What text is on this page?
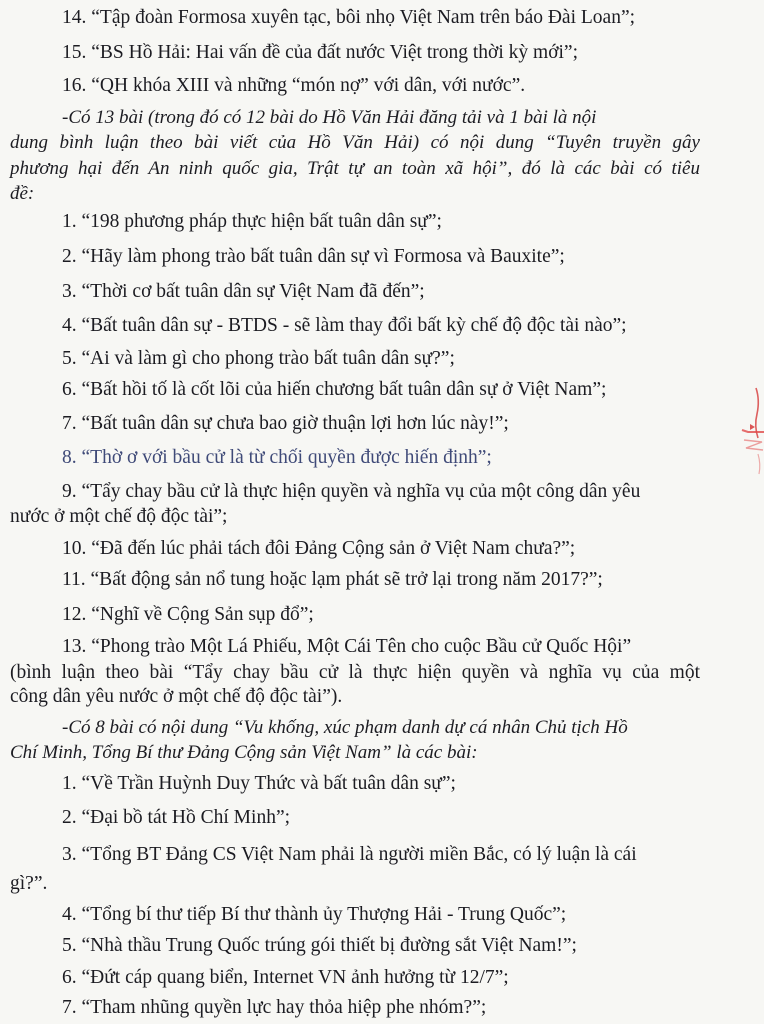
14. “Tập đoàn Formosa xuyên tạc, bôi nhọ Việt Nam trên báo Đài Loan”;
15. “BS Hồ Hải: Hai vấn đề của đất nước Việt trong thời kỳ mới”;
16. “QH khóa XIII và những “món nợ” với dân, với nước”.
-Có 13 bài (trong đó có 12 bài do Hồ Văn Hải đăng tải và 1 bài là nội
dung bình luận theo bài viết của Hồ Văn Hải) có nội dung “Tuyên truyền gây
phương hại đến An ninh quốc gia, Trật tự an toàn xã hội”, đó là các bài có tiêu
đề:
1. “198 phương pháp thực hiện bất tuân dân sự”;
2. “Hãy làm phong trào bất tuân dân sự vì Formosa và Bauxite”;
3. “Thời cơ bất tuân dân sự Việt Nam đã đến”;
4. “Bất tuân dân sự - BTDS - sẽ làm thay đổi bất kỳ chế độ độc tài nào”;
5. “Ai và làm gì cho phong trào bất tuân dân sự?”;
6. “Bất hồi tố là cốt lõi của hiến chương bất tuân dân sự ở Việt Nam”;
7. “Bất tuân dân sự chưa bao giờ thuận lợi hơn lúc này!”;
8. “Thờ ơ với bầu cử là từ chối quyền được hiến định”;
9. “Tẩy chay bầu cử là thực hiện quyền và nghĩa vụ của một công dân yêu
nước ở một chế độ độc tài”;
10. “Đã đến lúc phải tách đôi Đảng Cộng sản ở Việt Nam chưa?”;
11. “Bất động sản nổ tung hoặc lạm phát sẽ trở lại trong năm 2017?”;
12. “Nghĩ về Cộng Sản sụp đổ”;
13. “Phong trào Một Lá Phiếu, Một Cái Tên cho cuộc Bầu cử Quốc Hội”
(bình luận theo bài “Tẩy chay bầu cử là thực hiện quyền và nghĩa vụ của một
công dân yêu nước ở một chế độ độc tài”).
-Có 8 bài có nội dung “Vu khống, xúc phạm danh dự cá nhân Chủ tịch Hồ
Chí Minh, Tổng Bí thư Đảng Cộng sản Việt Nam” là các bài:
1. “Về Trần Huỳnh Duy Thức và bất tuân dân sự”;
2. “Đại bồ tát Hồ Chí Minh”;
3. “Tổng BT Đảng CS Việt Nam phải là người miền Bắc, có lý luận là cái
gì?”.
4. “Tổng bí thư tiếp Bí thư thành ủy Thượng Hải - Trung Quốc”;
5. “Nhà thầu Trung Quốc trúng gói thiết bị đường sắt Việt Nam!”;
6. “Đứt cáp quang biển, Internet VN ảnh hưởng từ 12/7”;
7. “Tham nhũng quyền lực hay thỏa hiệp phe nhóm?”;
